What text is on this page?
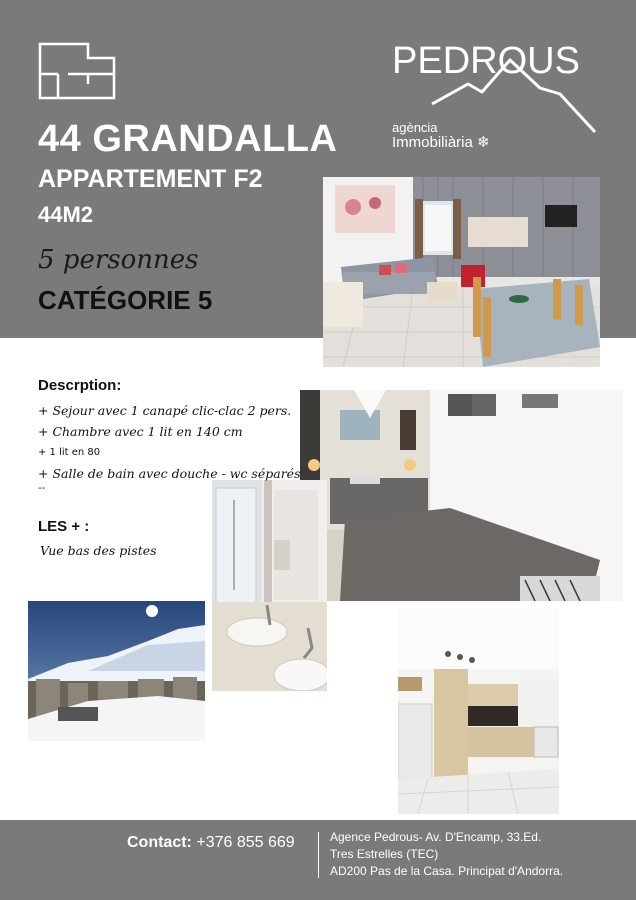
44 GRANDALLA
APPARTEMENT F2
44M2
5 personnes
CATÉGORIE 5
PEDROUS
agència
Immobiliària ❄
Descrption:
+ Sejour avec 1 canapé clic-clac 2 pers.
+ Chambre avec 1 lit en 140 cm
+ 1 lit en 80
+ Salle de bain avec douche - wc séparés
--
LES + :
Vue bas des pistes
Contact: +376 855 669	Agence Pedrous- Av. D'Encamp, 33.Ed.
Tres Estrelles (TEC)
AD200 Pas de la Casa. Principat d'Andorra.
